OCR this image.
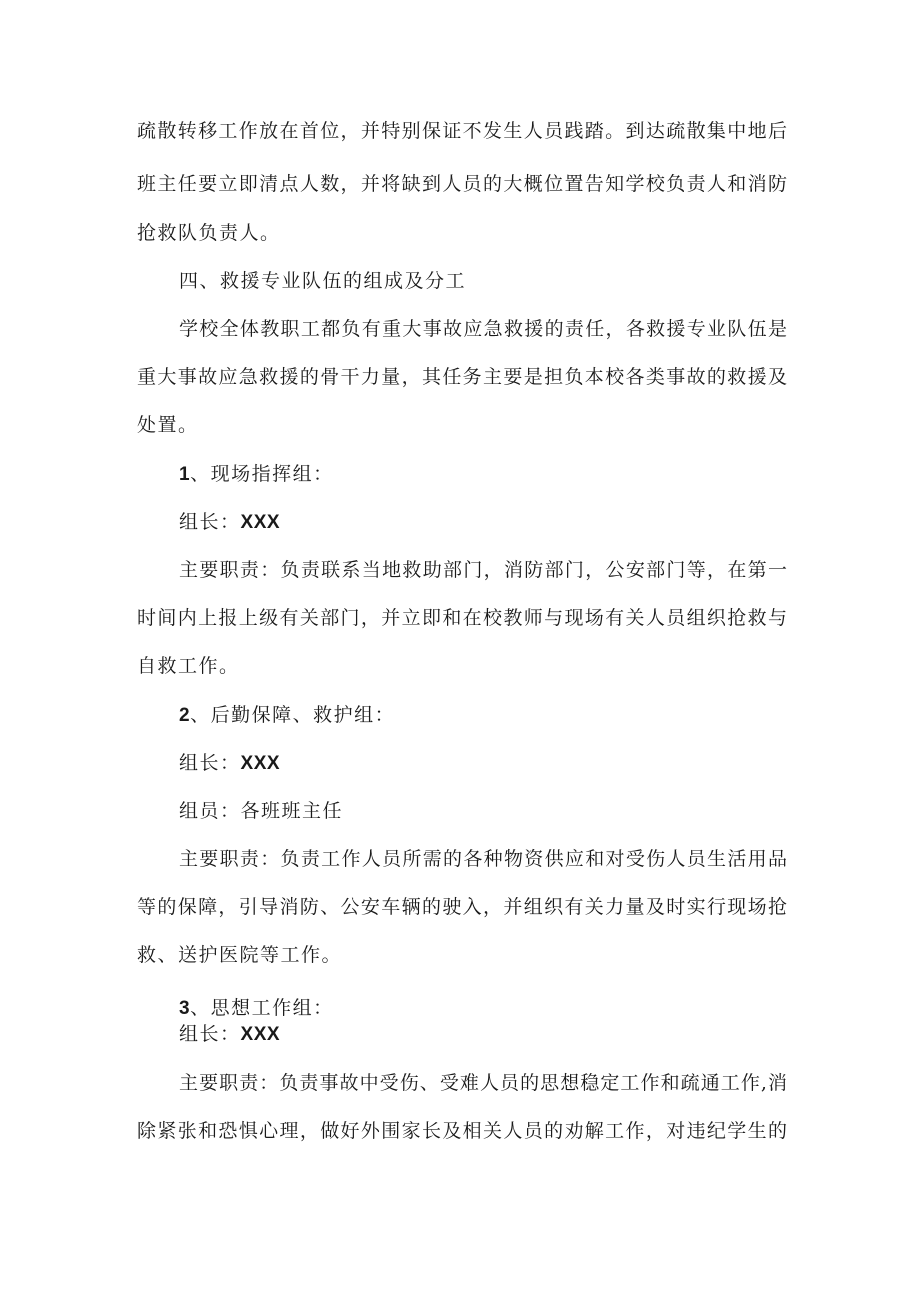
疏散转移工作放在首位，并特别保证不发生人员践踏。到达疏散集中地后
班主任要立即清点人数，并将缺到人员的大概位置告知学校负责人和消防
抢救队负责人。
四、救援专业队伍的组成及分工
学校全体教职工都负有重大事故应急救援的责任，各救援专业队伍是
重大事故应急救援的骨干力量，其任务主要是担负本校各类事故的救援及
处置。
1、现场指挥组：
组长：XXX
主要职责：负责联系当地救助部门，消防部门，公安部门等，在第一
时间内上报上级有关部门，并立即和在校教师与现场有关人员组织抢救与
自救工作。
2、后勤保障、救护组：
组长：XXX
组员：各班班主任
主要职责：负责工作人员所需的各种物资供应和对受伤人员生活用品
等的保障，引导消防、公安车辆的驶入，并组织有关力量及时实行现场抢
救、送护医院等工作。
3、思想工作组：
组长：XXX
主要职责：负责事故中受伤、受难人员的思想稳定工作和疏通工作,消
除紧张和恐惧心理，做好外围家长及相关人员的劝解工作，对违纪学生的
